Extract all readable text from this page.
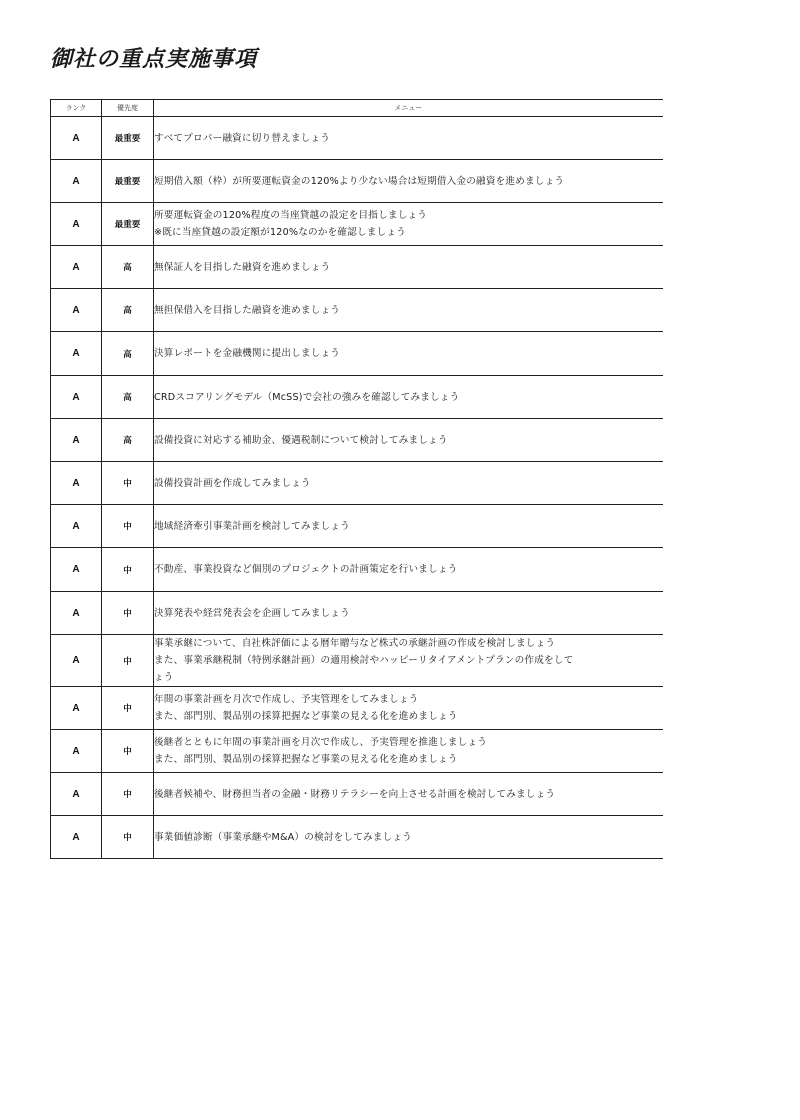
御社の重点実施事項
ランク	優先度	メニュー
A	最重要	すべてプロパー融資に切り替えましょう

A	最重要	短期借入額（枠）が所要運転資金の120%より少ない場合は短期借入金の融資を進めましょう

A	最重要	所要運転資金の120%程度の当座貸越の設定を目指しましょう
※既に当座貸越の設定額が120%なのかを確認しましょう

A	高	無保証人を目指した融資を進めましょう

A	高	無担保借入を目指した融資を進めましょう

A	高	決算レポートを金融機関に提出しましょう

A	高	CRDスコアリングモデル（McSS)で会社の強みを確認してみましょう

A	高	設備投資に対応する補助金、優遇税制について検討してみましょう

A	中	設備投資計画を作成してみましょう

A	中	地域経済牽引事業計画を検討してみましょう

A	中	不動産、事業投資など個別のプロジェクトの計画策定を行いましょう

A	中	決算発表や経営発表会を企画してみましょう

A	中	事業承継について、自社株評価による暦年贈与など株式の承継計画の作成を検討しましょう
また、事業承継税制（特例承継計画）の適用検討やハッピーリタイアメントプランの作成をして
ょう

A	中	年間の事業計画を月次で作成し、予実管理をしてみましょう
また、部門別、製品別の採算把握など事業の見える化を進めましょう

A	中	後継者とともに年間の事業計画を月次で作成し、予実管理を推進しましょう
また、部門別、製品別の採算把握など事業の見える化を進めましょう

A	中	後継者候補や、財務担当者の金融・財務リテラシーを向上させる計画を検討してみましょう

A	中	事業価値診断（事業承継やM&A）の検討をしてみましょう
